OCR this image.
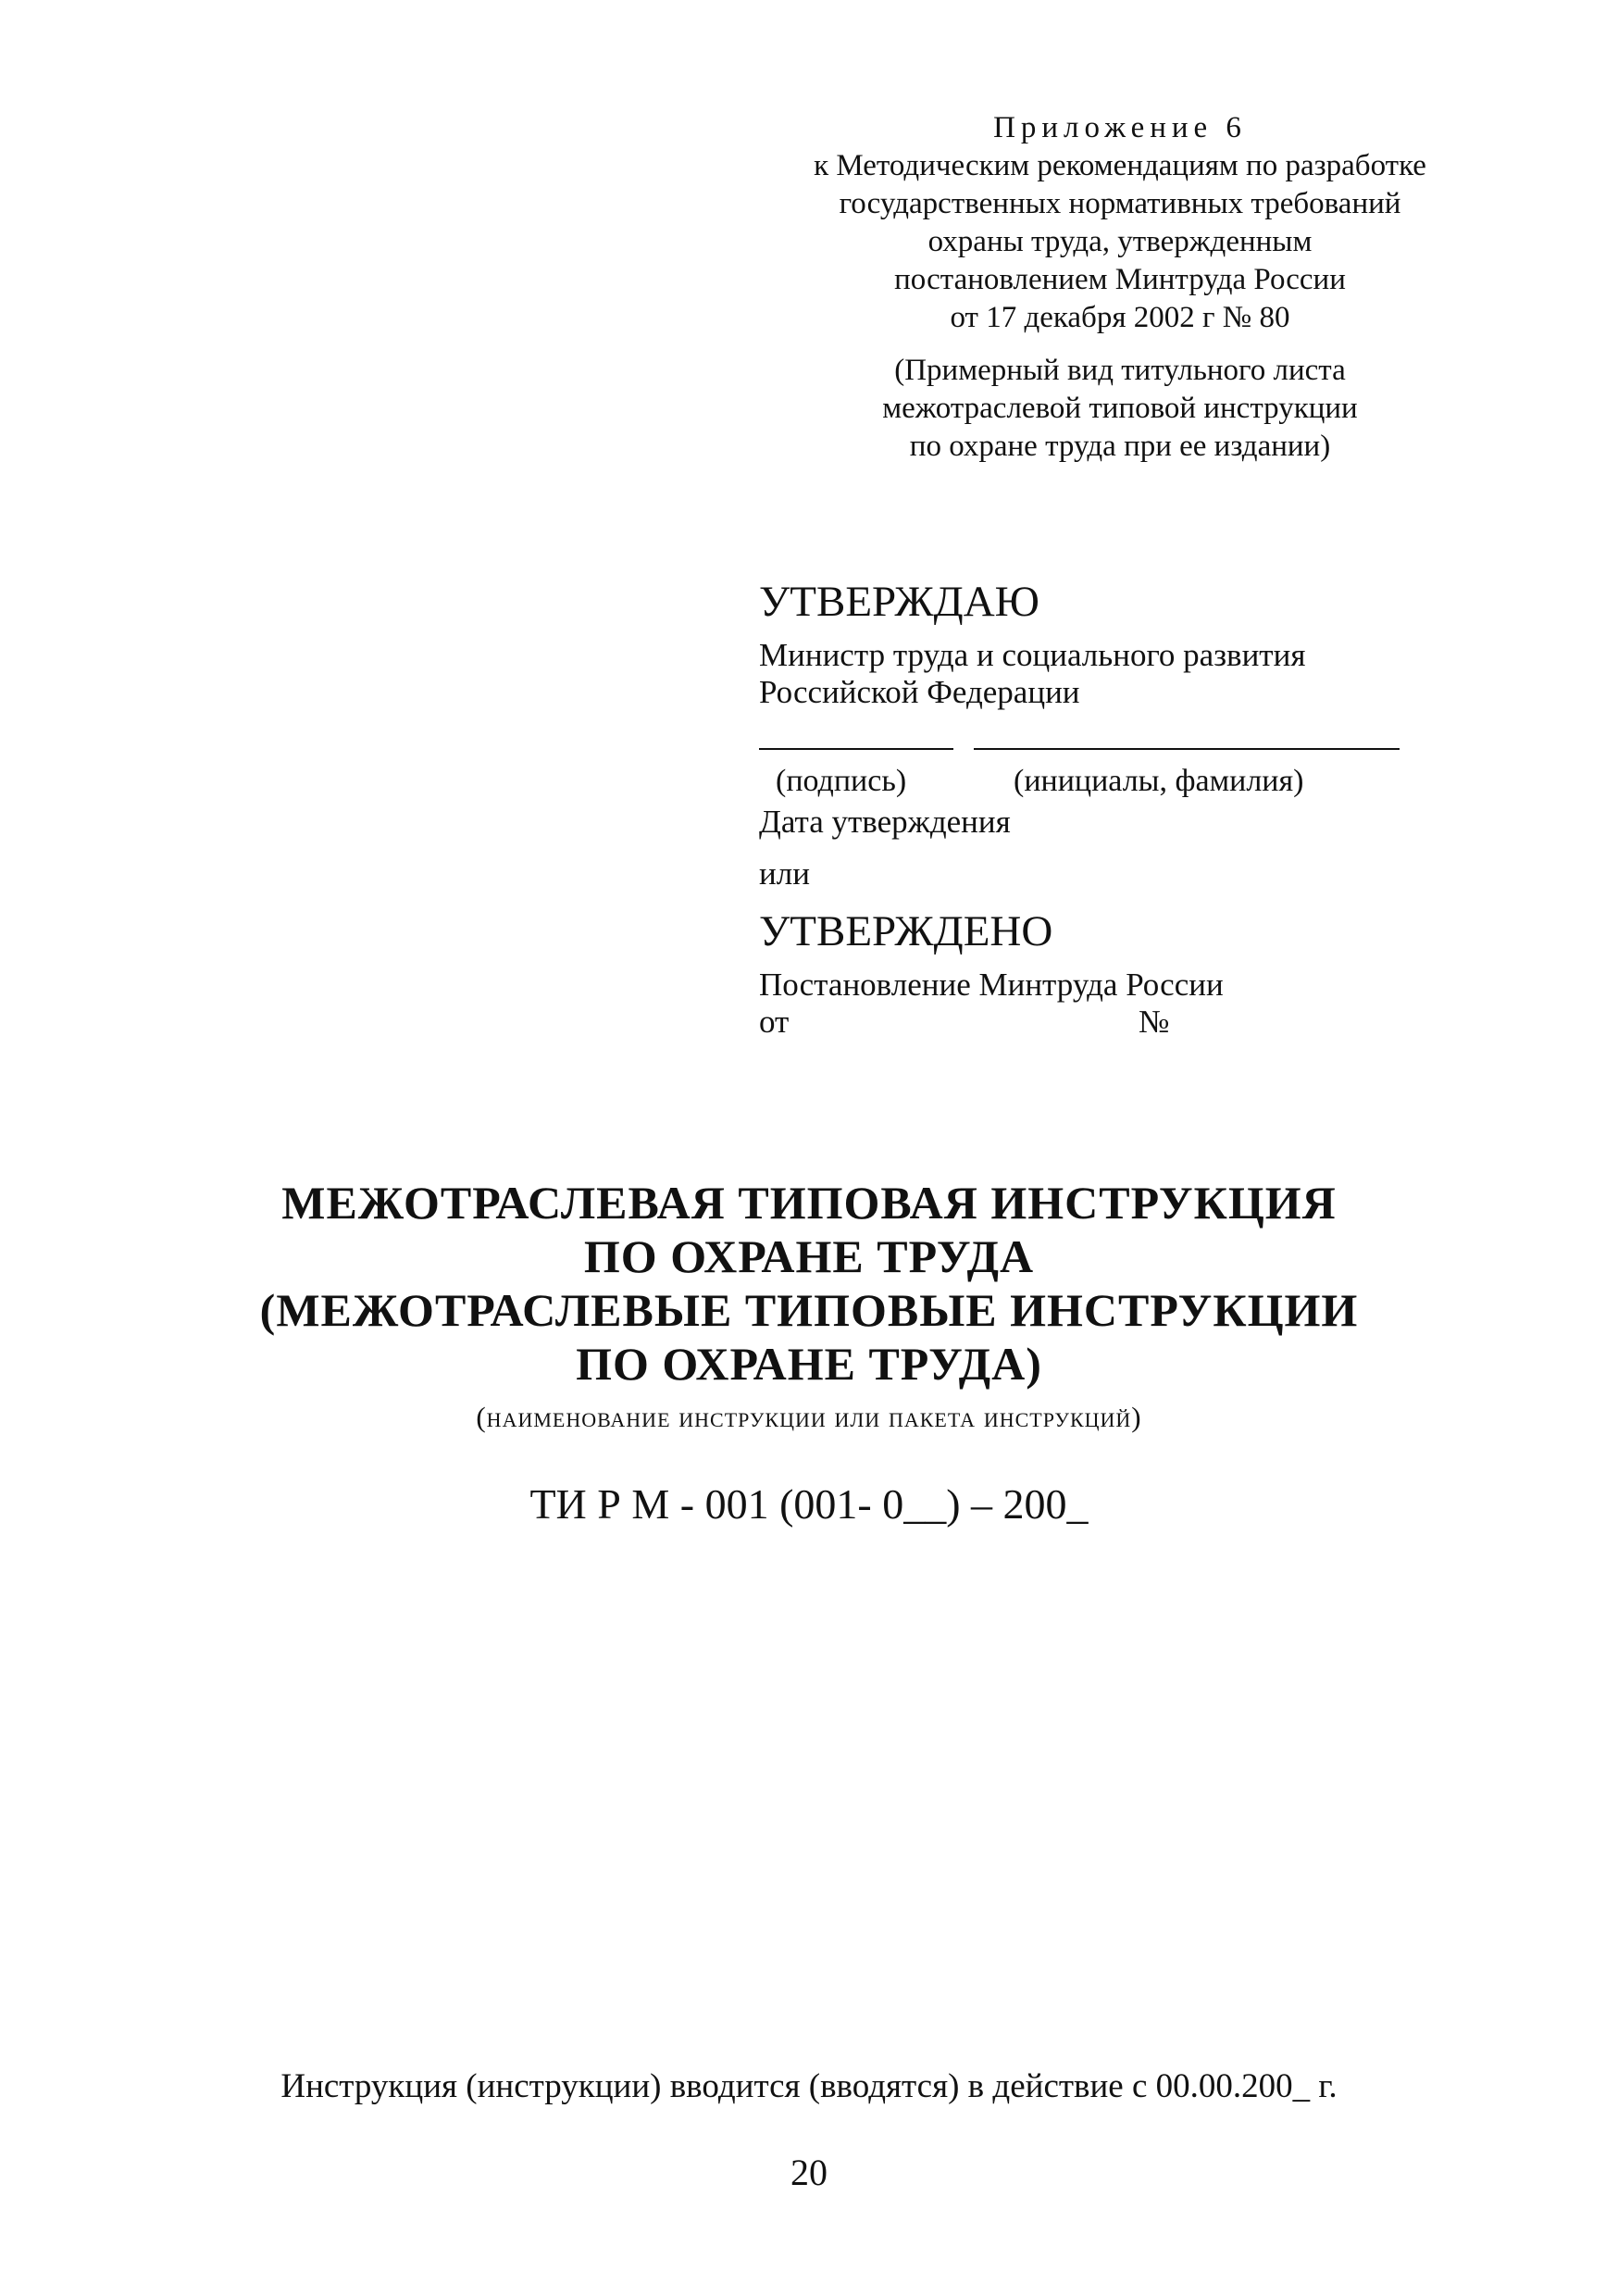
Приложение 6
к Методическим рекомендациям по разработке
государственных нормативных требований
охраны труда, утвержденным
постановлением Минтруда России
от 17 декабря 2002 г № 80
(Примерный вид титульного листа
межотраслевой типовой инструкции
по охране труда при ее издании)
УТВЕРЖДАЮ
Министр труда и социального развития
Российской Федерации
(подпись)	(инициалы, фамилия)
Дата утверждения
или
УТВЕРЖДЕНО
Постановление Минтруда России
от	№
МЕЖОТРАСЛЕВАЯ ТИПОВАЯ ИНСТРУКЦИЯ
ПО ОХРАНЕ ТРУДА
(МЕЖОТРАСЛЕВЫЕ ТИПОВЫЕ ИНСТРУКЦИИ
ПО ОХРАНЕ ТРУДА)
(наименование инструкции или пакета инструкций)
ТИ Р М - 001 (001- 0__) – 200_
Инструкция (инструкции) вводится (вводятся) в действие с 00.00.200_ г.
20
